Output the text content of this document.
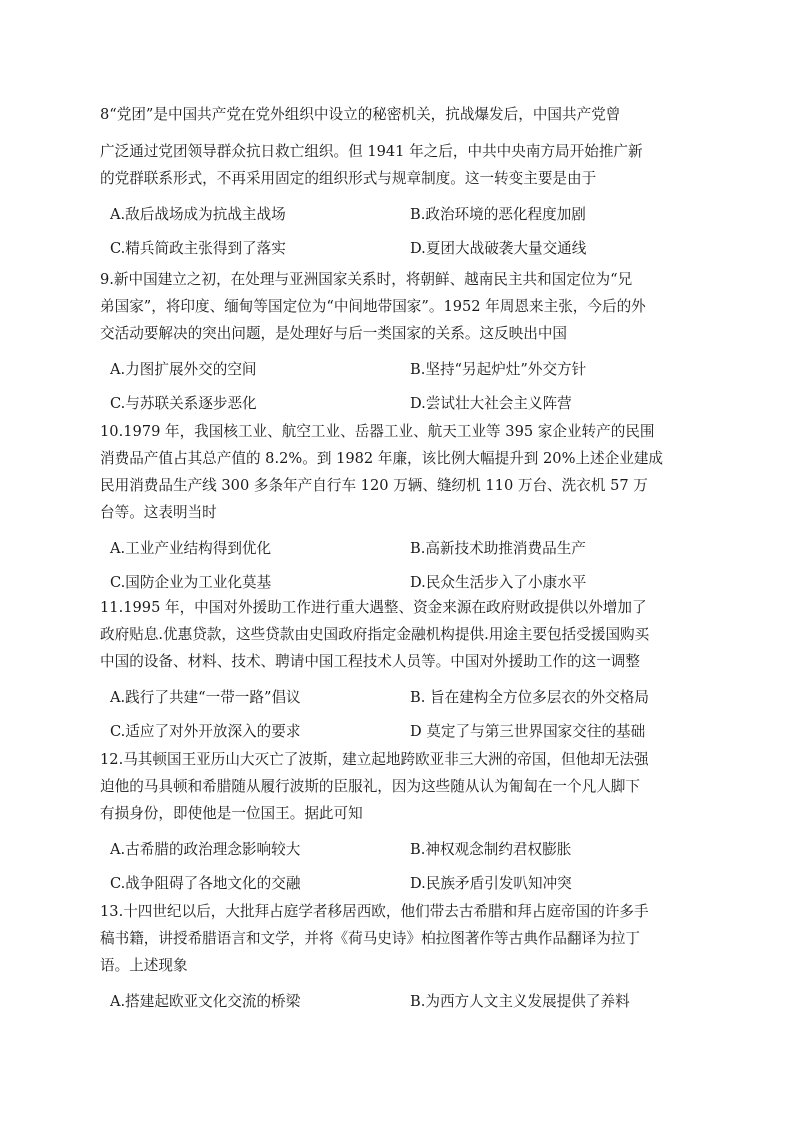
8“党团”是中国共产党在党外组织中设立的秘密机关，抗战爆发后，中国共产党曾

广泛通过党团领导群众抗日救亡组织。但 1941 年之后，中共中央南方局开始推广新

的党群联系形式，不再采用固定的组织形式与规章制度。这一转变主要是由于

A.敌后战场成为抗战主战场	B.政治环境的恶化程度加剧
C.精兵简政主张得到了落实	D.夏团大战破袭大量交通线

9.新中国建立之初，在处理与亚洲国家关系时，将朝鲜、越南民主共和国定位为“兄

弟国家”，将印度、缅甸等国定位为“中间地带国家”。1952 年周恩来主张，今后的外

交活动要解决的突出问题，是处理好与后一类国家的关系。这反映出中国

A.力图扩展外交的空间	B.坚持“另起炉灶”外交方针
C.与苏联关系逐步恶化	D.尝试壮大社会主义阵营

10.1979 年，我国核工业、航空工业、岳器工业、航天工业等 395 家企业转产的民围

消费品产值占其总产值的 8.2%。到 1982 年廉，该比例大幅提升到 20%上述企业建成

民用消费品生产线 300 多条年产自行车 120 万辆、缝纫机 110 万台、洗衣机 57 万

台等。这表明当时

A.工业产业结构得到优化	B.高新技术助推消费品生产
C.国防企业为工业化莫基	D.民众生活步入了小康水平

11.1995 年，中国对外援助工作进行重大遇整、资金来源在政府财政提供以外增加了

政府贴息.优惠贷款，这些贷款由史国政府指定金融机构提供.用途主要包括受援国购买

中国的设备、材料、技术、聘请中国工程技术人员等。中国对外援助工作的这一调整

A.践行了共建“一带一路”倡议	B. 旨在建构全方位多层衣的外交格局
C.适应了对外开放深入的要求	D 莫定了与第三世界国家交往的基础

12.马其顿国王亚历山大灭亡了波斯，建立起地跨欧亚非三大洲的帝国，但他却无法强

迫他的马具顿和希腊随从履行波斯的臣服礼，因为这些随从认为匍匐在一个凡人脚下

有损身份，即使他是一位国王。据此可知

A.古希腊的政治理念影响较大	B.神权观念制约君权膨胀
C.战争阻碍了各地文化的交融	D.民族矛盾引发叭知冲突

13.十四世纪以后，大批拜占庭学者移居西欧，他们带去古希腊和拜占庭帝国的许多手

稿书籍，讲授希腊语言和文学，并将《荷马史诗》柏拉图著作等古典作品翻译为拉丁

语。上述现象

A.搭建起欧亚文化交流的桥梁	B.为西方人文主义发展提供了养料
